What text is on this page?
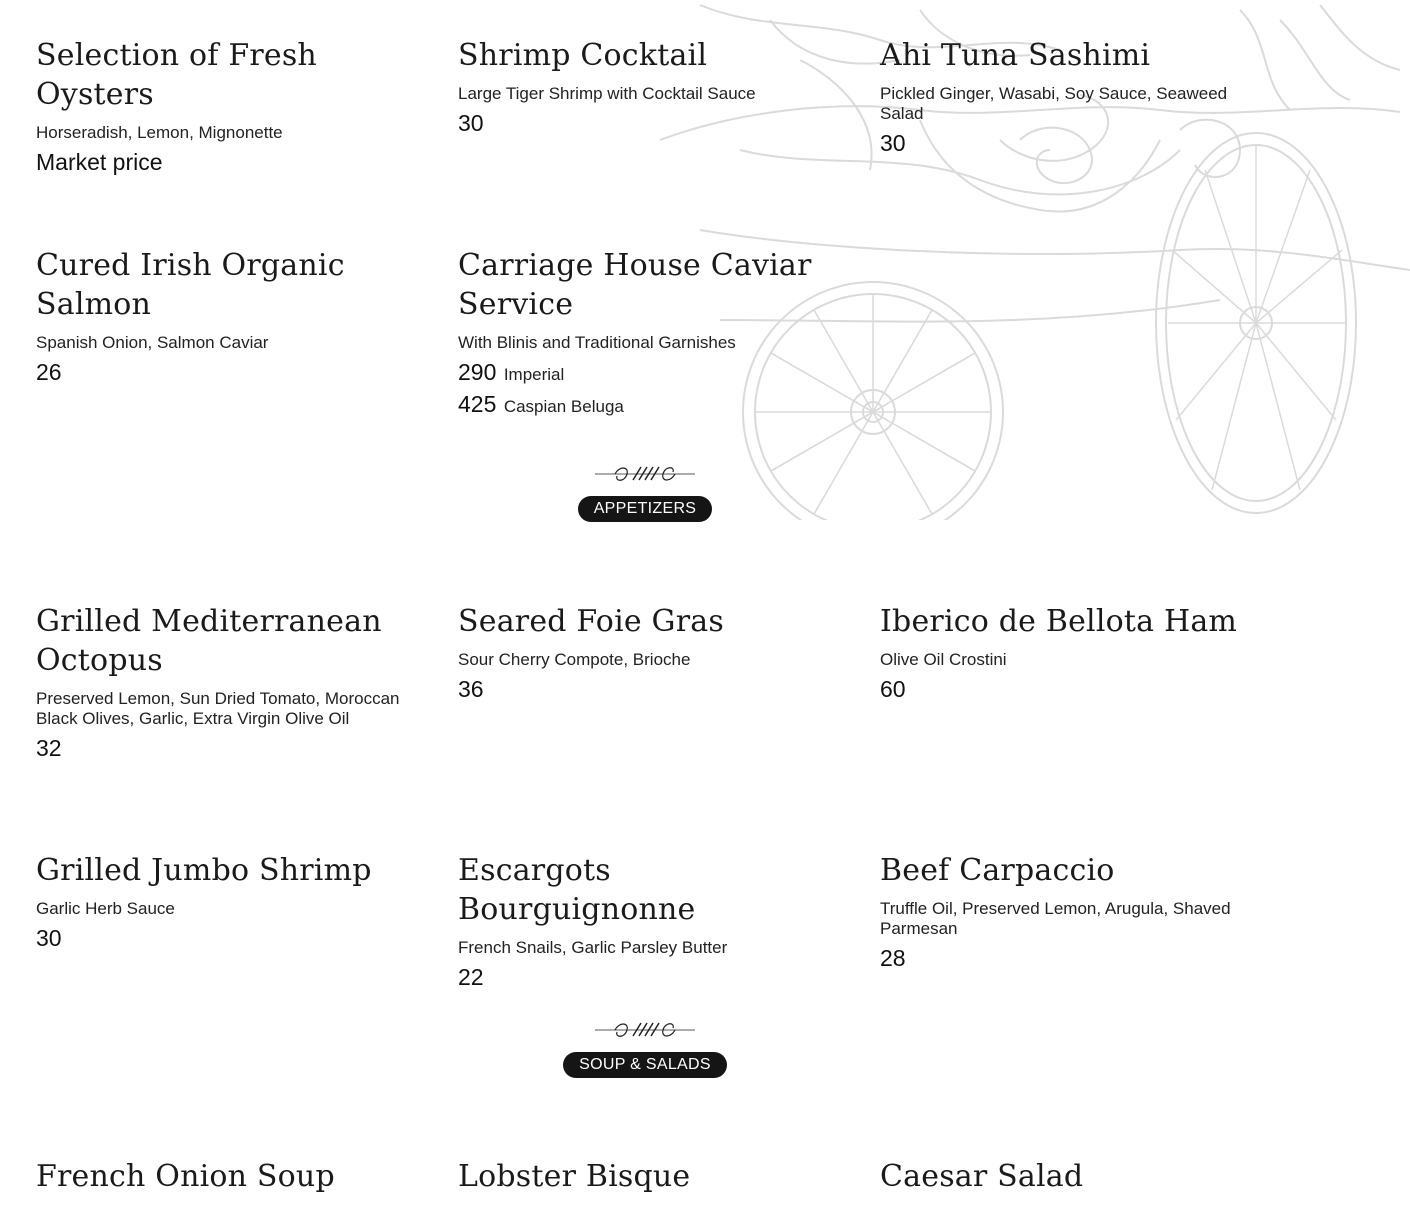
Selection of Fresh Oysters
Horseradish, Lemon, Mignonette
Market price
Shrimp Cocktail
Large Tiger Shrimp with Cocktail Sauce
30
Ahi Tuna Sashimi
Pickled Ginger, Wasabi, Soy Sauce, Seaweed Salad
30
Cured Irish Organic Salmon
Spanish Onion, Salmon Caviar
26
Carriage House Caviar Service
With Blinis and Traditional Garnishes
290 Imperial
425 Caspian Beluga
APPETIZERS
Grilled Mediterranean Octopus
Preserved Lemon, Sun Dried Tomato, Moroccan Black Olives, Garlic, Extra Virgin Olive Oil
32
Seared Foie Gras
Sour Cherry Compote, Brioche
36
Iberico de Bellota Ham
Olive Oil Crostini
60
Grilled Jumbo Shrimp
Garlic Herb Sauce
30
Escargots Bourguignonne
French Snails, Garlic Parsley Butter
22
Beef Carpaccio
Truffle Oil, Preserved Lemon, Arugula, Shaved Parmesan
28
SOUP & SALADS
French Onion Soup	Lobster Bisque	Caesar Salad
